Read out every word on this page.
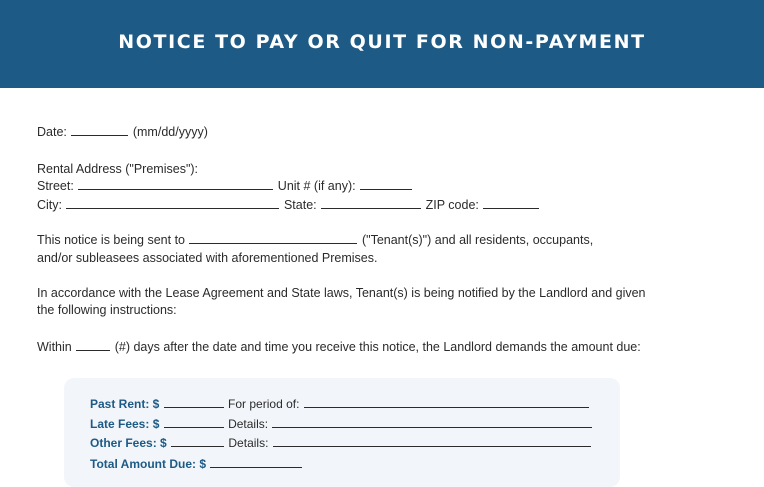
NOTICE TO PAY OR QUIT FOR NON-PAYMENT
Date:	(mm/dd/yyyy)
Rental Address ("Premises"):
Street:	Unit # (if any):
City:	State:	ZIP code:
This notice is being sent to	("Tenant(s)") and all residents, occupants,
and/or subleasees associated with aforementioned Premises.
In accordance with the Lease Agreement and State laws, Tenant(s) is being notified by the Landlord and given
the following instructions:
Within	(#) days after the date and time you receive this notice, the Landlord demands the amount due:
Past Rent: $	For period of:
Late Fees: $	Details:
Other Fees: $	Details:
Total Amount Due: $
